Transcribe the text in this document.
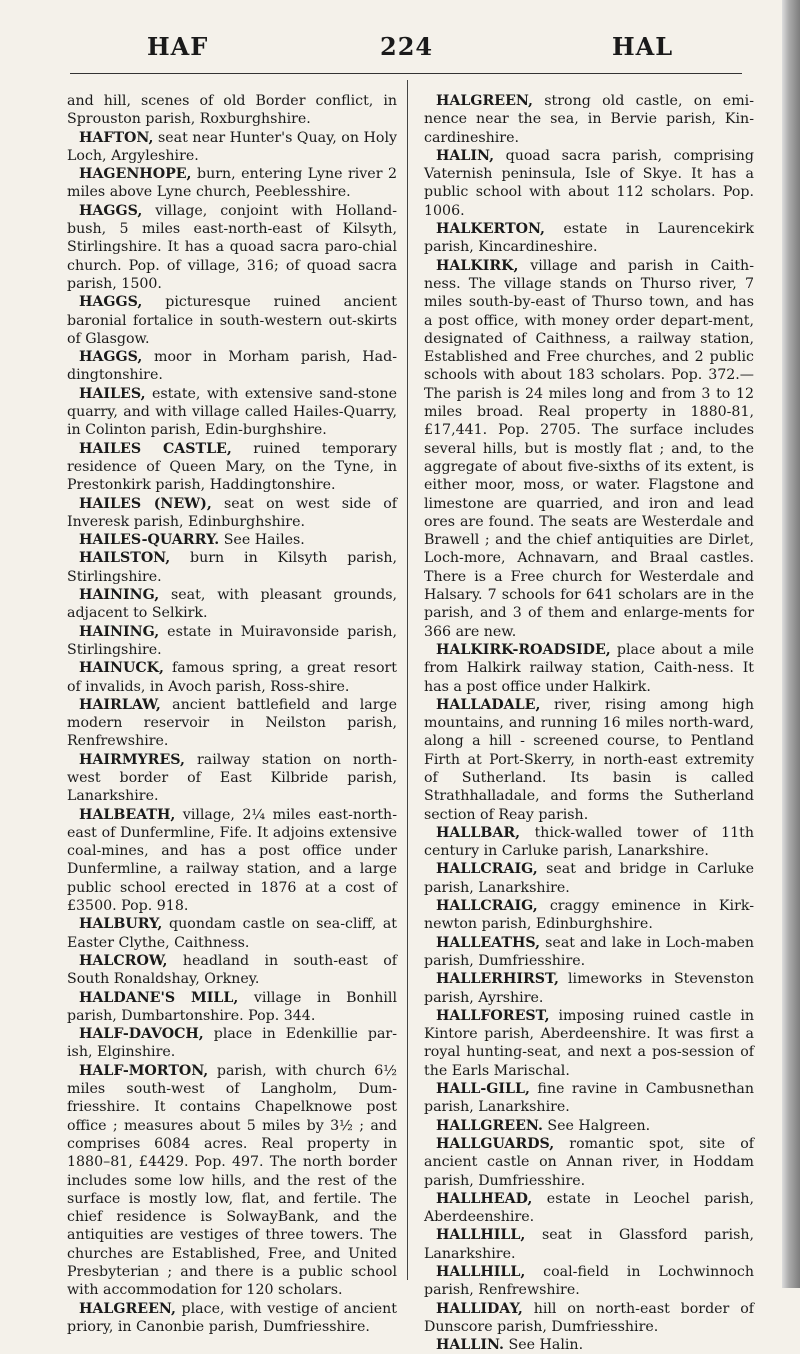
HAF	224	HAL

and hill, scenes of old Border conflict, in Sprouston parish, Roxburghshire.

HAFTON, seat near Hunter's Quay, on Holy Loch, Argyleshire.

HAGENHOPE, burn, entering Lyne river 2 miles above Lyne church, Peeblesshire.

HAGGS, village, conjoint with Holland-bush, 5 miles east-north-east of Kilsyth, Stirlingshire. It has a quoad sacra paro-chial church. Pop. of village, 316; of quoad sacra parish, 1500.

HAGGS, picturesque ruined ancient baronial fortalice in south-western out-skirts of Glasgow.

HAGGS, moor in Morham parish, Had-dingtonshire.

HAILES, estate, with extensive sand-stone quarry, and with village called Hailes-Quarry, in Colinton parish, Edin-burghshire.

HAILES CASTLE, ruined temporary residence of Queen Mary, on the Tyne, in Prestonkirk parish, Haddingtonshire.

HAILES (NEW), seat on west side of Inveresk parish, Edinburghshire.

HAILES-QUARRY. See Hailes.

HAILSTON, burn in Kilsyth parish, Stirlingshire.

HAINING, seat, with pleasant grounds, adjacent to Selkirk.

HAINING, estate in Muiravonside parish, Stirlingshire.

HAINUCK, famous spring, a great resort of invalids, in Avoch parish, Ross-shire.

HAIRLAW, ancient battlefield and large modern reservoir in Neilston parish, Renfrewshire.

HAIRMYRES, railway station on north-west border of East Kilbride parish, Lanarkshire.

HALBEATH, village, 2¼ miles east-north-east of Dunfermline, Fife. It adjoins extensive coal-mines, and has a post office under Dunfermline, a railway station, and a large public school erected in 1876 at a cost of £3500. Pop. 918.

HALBURY, quondam castle on sea-cliff, at Easter Clythe, Caithness.

HALCROW, headland in south-east of South Ronaldshay, Orkney.

HALDANE'S MILL, village in Bonhill parish, Dumbartonshire. Pop. 344.

HALF-DAVOCH, place in Edenkillie par-ish, Elginshire.

HALF-MORTON, parish, with church 6½ miles south-west of Langholm, Dum-friesshire. It contains Chapelknowe post office ; measures about 5 miles by 3½ ; and comprises 6084 acres. Real property in 1880–81, £4429. Pop. 497. The north border includes some low hills, and the rest of the surface is mostly low, flat, and fertile. The chief residence is SolwayBank, and the antiquities are vestiges of three towers. The churches are Established, Free, and United Presbyterian ; and there is a public school with accommodation for 120 scholars.

HALGREEN, place, with vestige of ancient priory, in Canonbie parish, Dumfriesshire.

HALGREEN, strong old castle, on emi-nence near the sea, in Bervie parish, Kin-cardineshire.

HALIN, quoad sacra parish, comprising Vaternish peninsula, Isle of Skye. It has a public school with about 112 scholars. Pop. 1006.

HALKERTON, estate in Laurencekirk parish, Kincardineshire.

HALKIRK, village and parish in Caith-ness. The village stands on Thurso river, 7 miles south-by-east of Thurso town, and has a post office, with money order depart-ment, designated of Caithness, a railway station, Established and Free churches, and 2 public schools with about 183 scholars. Pop. 372.—The parish is 24 miles long and from 3 to 12 miles broad. Real property in 1880-81, £17,441. Pop. 2705. The surface includes several hills, but is mostly flat ; and, to the aggregate of about five-sixths of its extent, is either moor, moss, or water. Flagstone and limestone are quarried, and iron and lead ores are found. The seats are Westerdale and Brawell ; and the chief antiquities are Dirlet, Loch-more, Achnavarn, and Braal castles. There is a Free church for Westerdale and Halsary. 7 schools for 641 scholars are in the parish, and 3 of them and enlarge-ments for 366 are new.

HALKIRK-ROADSIDE, place about a mile from Halkirk railway station, Caith-ness. It has a post office under Halkirk.

HALLADALE, river, rising among high mountains, and running 16 miles north-ward, along a hill - screened course, to Pentland Firth at Port-Skerry, in north-east extremity of Sutherland. Its basin is called Strathhalladale, and forms the Sutherland section of Reay parish.

HALLBAR, thick-walled tower of 11th century in Carluke parish, Lanarkshire.

HALLCRAIG, seat and bridge in Carluke parish, Lanarkshire.

HALLCRAIG, craggy eminence in Kirk-newton parish, Edinburghshire.

HALLEATHS, seat and lake in Loch-maben parish, Dumfriesshire.

HALLERHIRST, limeworks in Stevenston parish, Ayrshire.

HALLFOREST, imposing ruined castle in Kintore parish, Aberdeenshire. It was first a royal hunting-seat, and next a pos-session of the Earls Marischal.

HALL-GILL, fine ravine in Cambusnethan parish, Lanarkshire.

HALLGREEN. See Halgreen.

HALLGUARDS, romantic spot, site of ancient castle on Annan river, in Hoddam parish, Dumfriesshire.

HALLHEAD, estate in Leochel parish, Aberdeenshire.

HALLHILL, seat in Glassford parish, Lanarkshire.

HALLHILL, coal-field in Lochwinnoch parish, Renfrewshire.

HALLIDAY, hill on north-east border of Dunscore parish, Dumfriesshire.

HALLIN. See Halin.
